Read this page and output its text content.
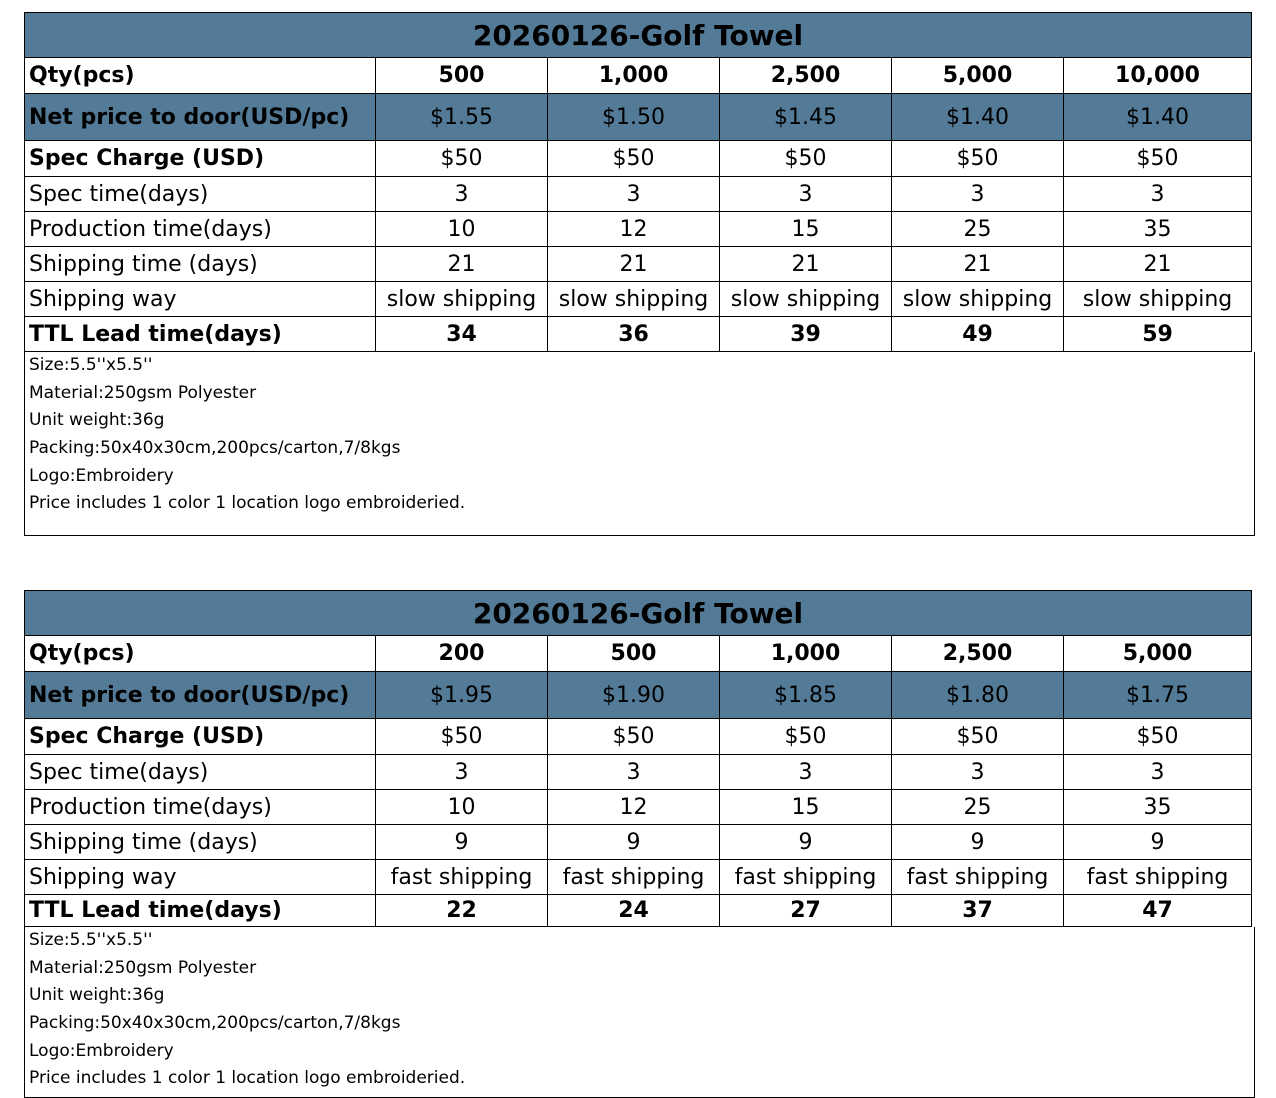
20260126-Golf Towel					
Qty(pcs)	500	1,000	2,500	5,000	10,000
Net price to door(USD/pc)	$1.55	$1.50	$1.45	$1.40	$1.40
Spec Charge (USD)	$50	$50	$50	$50	$50
Spec time(days)	3	3	3	3	3
Production time(days)	10	12	15	25	35
Shipping time (days)	21	21	21	21	21
Shipping way	slow shipping	slow shipping	slow shipping	slow shipping	slow shipping
TTL Lead time(days)	34	36	39	49	59
Size:5.5''x5.5''
Material:250gsm Polyester
Unit weight:36g
Packing:50x40x30cm,200pcs/carton,7/8kgs
Logo:Embroidery
Price includes 1 color 1 location logo embroideried.
20260126-Golf Towel					
Qty(pcs)	200	500	1,000	2,500	5,000
Net price to door(USD/pc)	$1.95	$1.90	$1.85	$1.80	$1.75
Spec Charge (USD)	$50	$50	$50	$50	$50
Spec time(days)	3	3	3	3	3
Production time(days)	10	12	15	25	35
Shipping time (days)	9	9	9	9	9
Shipping way	fast shipping	fast shipping	fast shipping	fast shipping	fast shipping
TTL Lead time(days)	22	24	27	37	47
Size:5.5''x5.5''
Material:250gsm Polyester
Unit weight:36g
Packing:50x40x30cm,200pcs/carton,7/8kgs
Logo:Embroidery
Price includes 1 color 1 location logo embroideried.
